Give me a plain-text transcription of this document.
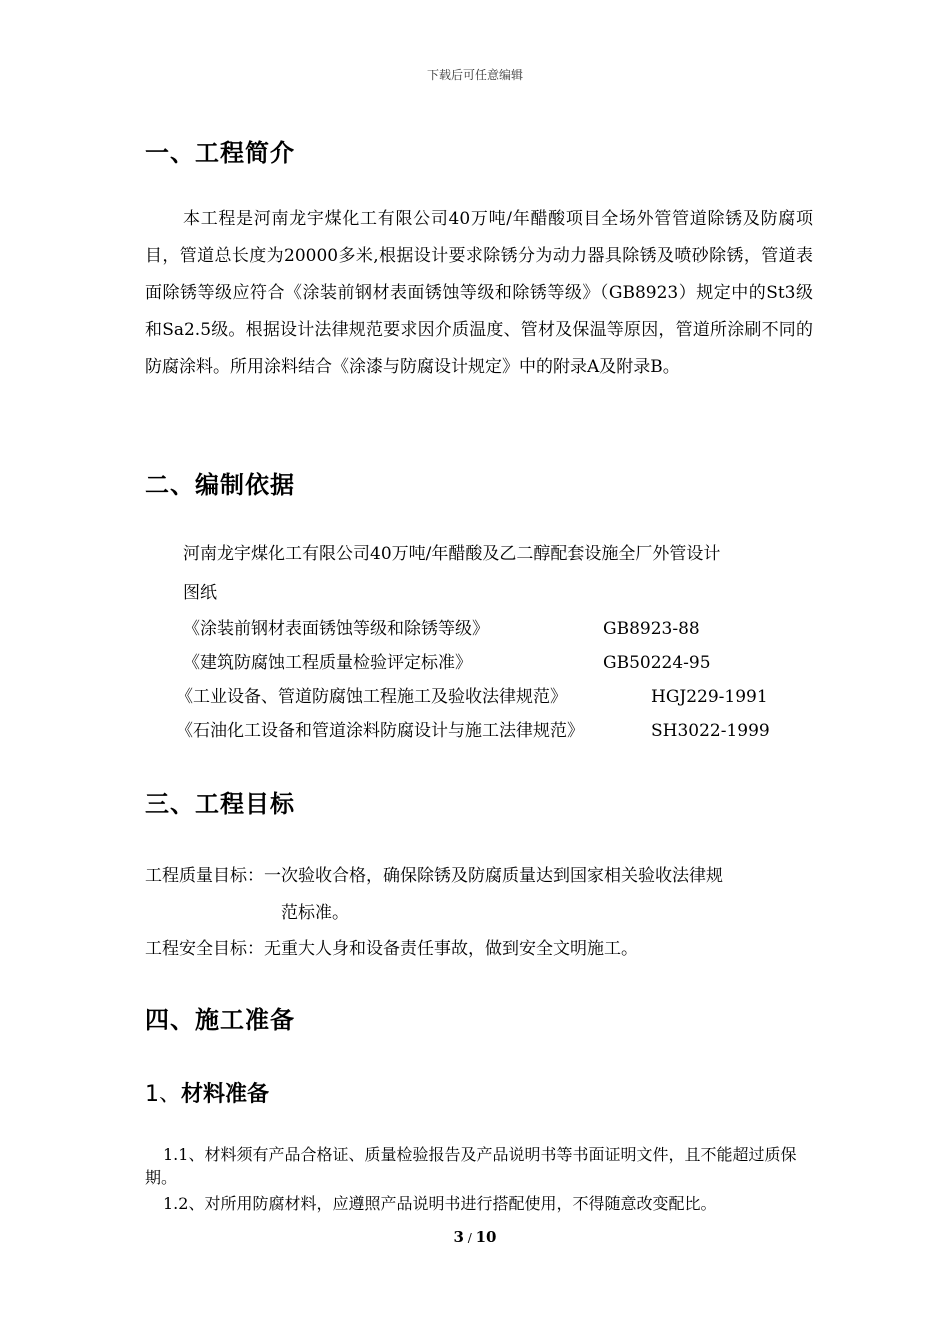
下载后可任意编辑
一、工程简介
本工程是河南龙宇煤化工有限公司40万吨/年醋酸项目全场外管管道除锈及防腐项目，管道总长度为20000多米,根据设计要求除锈分为动力器具除锈及喷砂除锈，管道表面除锈等级应符合《涂装前钢材表面锈蚀等级和除锈等级》（GB8923）规定中的St3级和Sa2.5级。根据设计法律规范要求因介质温度、管材及保温等原因，管道所涂刷不同的防腐涂料。所用涂料结合《涂漆与防腐设计规定》中的附录A及附录B。
二、编制依据
河南龙宇煤化工有限公司40万吨/年醋酸及乙二醇配套设施全厂外管设计
图纸
《涂装前钢材表面锈蚀等级和除锈等级》	GB8923-88
《建筑防腐蚀工程质量检验评定标准》	GB50224-95
《工业设备、管道防腐蚀工程施工及验收法律规范》	HGJ229-1991
《石油化工设备和管道涂料防腐设计与施工法律规范》	SH3022-1999
三、工程目标
工程质量目标：一次验收合格，确保除锈及防腐质量达到国家相关验收法律规
范标准。
工程安全目标：无重大人身和设备责任事故，做到安全文明施工。
四、施工准备
1、材料准备
1.1、材料须有产品合格证、质量检验报告及产品说明书等书面证明文件，且不能超过质保期。
1.2、对所用防腐材料，应遵照产品说明书进行搭配使用，不得随意改变配比。
3 / 10
